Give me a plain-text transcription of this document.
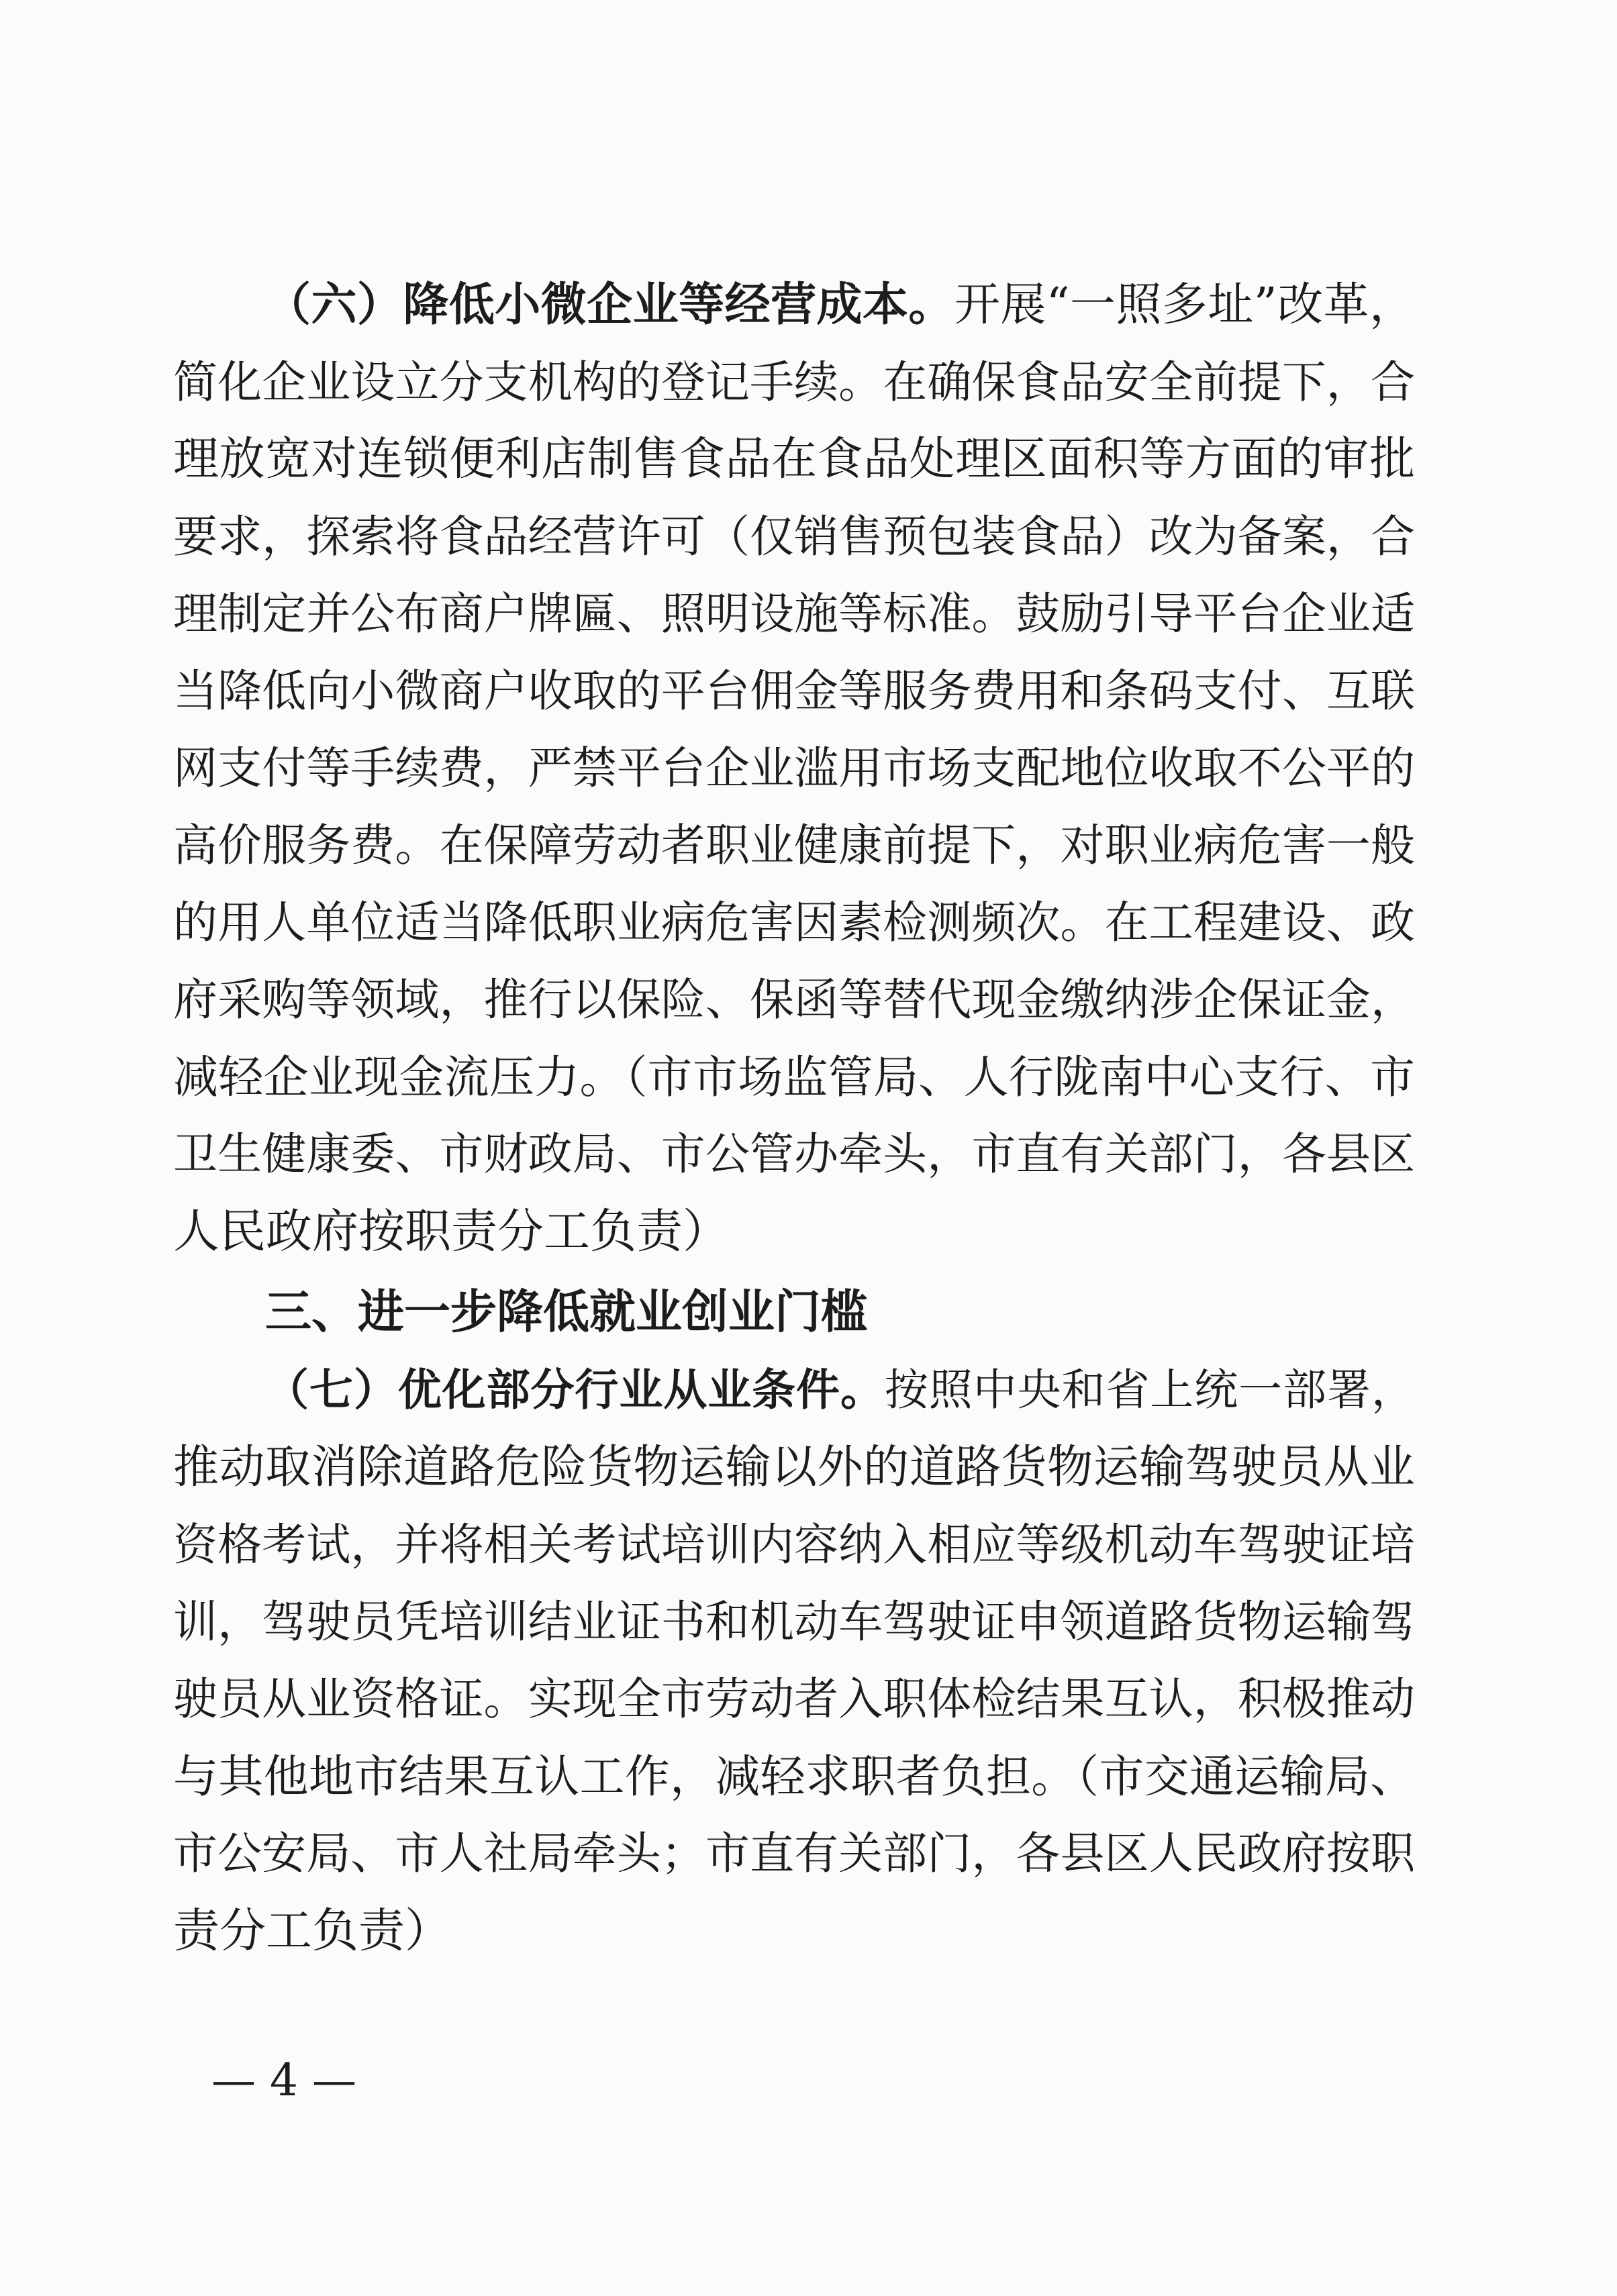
（六）降低小微企业等经营成本。开展“一照多址”改革，
简化企业设立分支机构的登记手续。在确保食品安全前提下，合
理放宽对连锁便利店制售食品在食品处理区面积等方面的审批
要求，探索将食品经营许可（仅销售预包装食品）改为备案，合
理制定并公布商户牌匾、照明设施等标准。鼓励引导平台企业适
当降低向小微商户收取的平台佣金等服务费用和条码支付、互联
网支付等手续费，严禁平台企业滥用市场支配地位收取不公平的
高价服务费。在保障劳动者职业健康前提下，对职业病危害一般
的用人单位适当降低职业病危害因素检测频次。在工程建设、政
府采购等领域，推行以保险、保函等替代现金缴纳涉企保证金，
减轻企业现金流压力。（市市场监管局、人行陇南中心支行、市
卫生健康委、市财政局、市公管办牵头，市直有关部门，各县区
人民政府按职责分工负责）
三、进一步降低就业创业门槛
（七）优化部分行业从业条件。按照中央和省上统一部署，
推动取消除道路危险货物运输以外的道路货物运输驾驶员从业
资格考试，并将相关考试培训内容纳入相应等级机动车驾驶证培
训，驾驶员凭培训结业证书和机动车驾驶证申领道路货物运输驾
驶员从业资格证。实现全市劳动者入职体检结果互认，积极推动
与其他地市结果互认工作，减轻求职者负担。（市交通运输局、
市公安局、市人社局牵头；市直有关部门，各县区人民政府按职
责分工负责）
— 4 —
